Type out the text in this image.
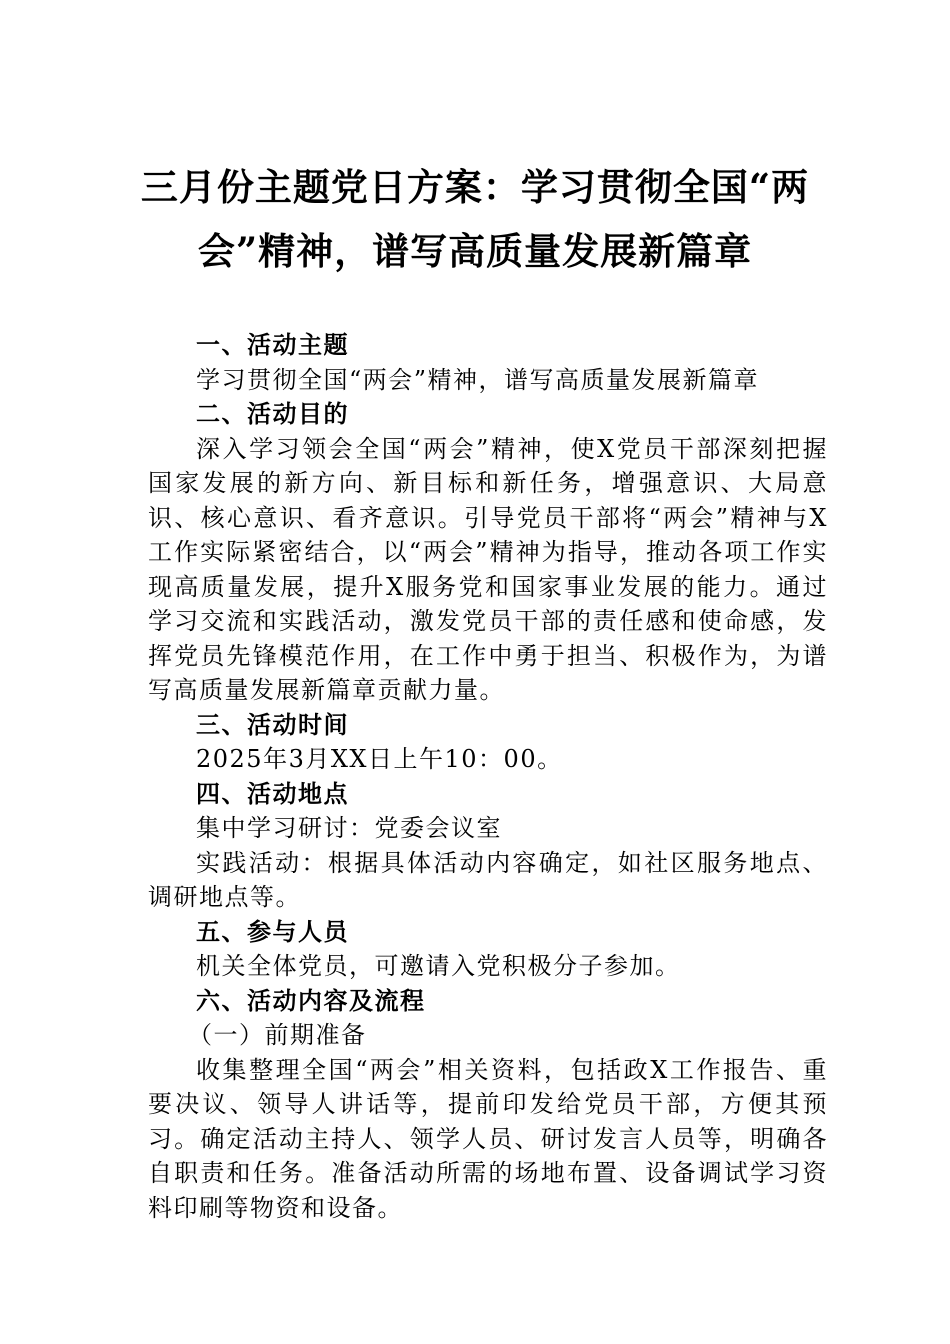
三月份主题党日方案：学习贯彻全国“两会”精神，谱写高质量发展新篇章

一、活动主题

学习贯彻全国“两会”精神，谱写高质量发展新篇章

二、活动目的

深入学习领会全国“两会”精神，使X党员干部深刻把握国家发展的新方向、新目标和新任务，增强意识、大局意识、核心意识、看齐意识。引导党员干部将“两会”精神与X工作实际紧密结合，以“两会”精神为指导，推动各项工作实现高质量发展，提升X服务党和国家事业发展的能力。通过学习交流和实践活动，激发党员干部的责任感和使命感，发挥党员先锋模范作用，在工作中勇于担当、积极作为，为谱写高质量发展新篇章贡献力量。

三、活动时间

2025年3月XX日上午10：00。

四、活动地点

集中学习研讨：党委会议室

实践活动：根据具体活动内容确定，如社区服务地点、调研地点等。

五、参与人员

机关全体党员，可邀请入党积极分子参加。

六、活动内容及流程

（一）前期准备

收集整理全国“两会”相关资料，包括政X工作报告、重要决议、领导人讲话等，提前印发给党员干部，方便其预习。确定活动主持人、领学人员、研讨发言人员等，明确各自职责和任务。准备活动所需的场地布置、设备调试学习资料印刷等物资和设备。
